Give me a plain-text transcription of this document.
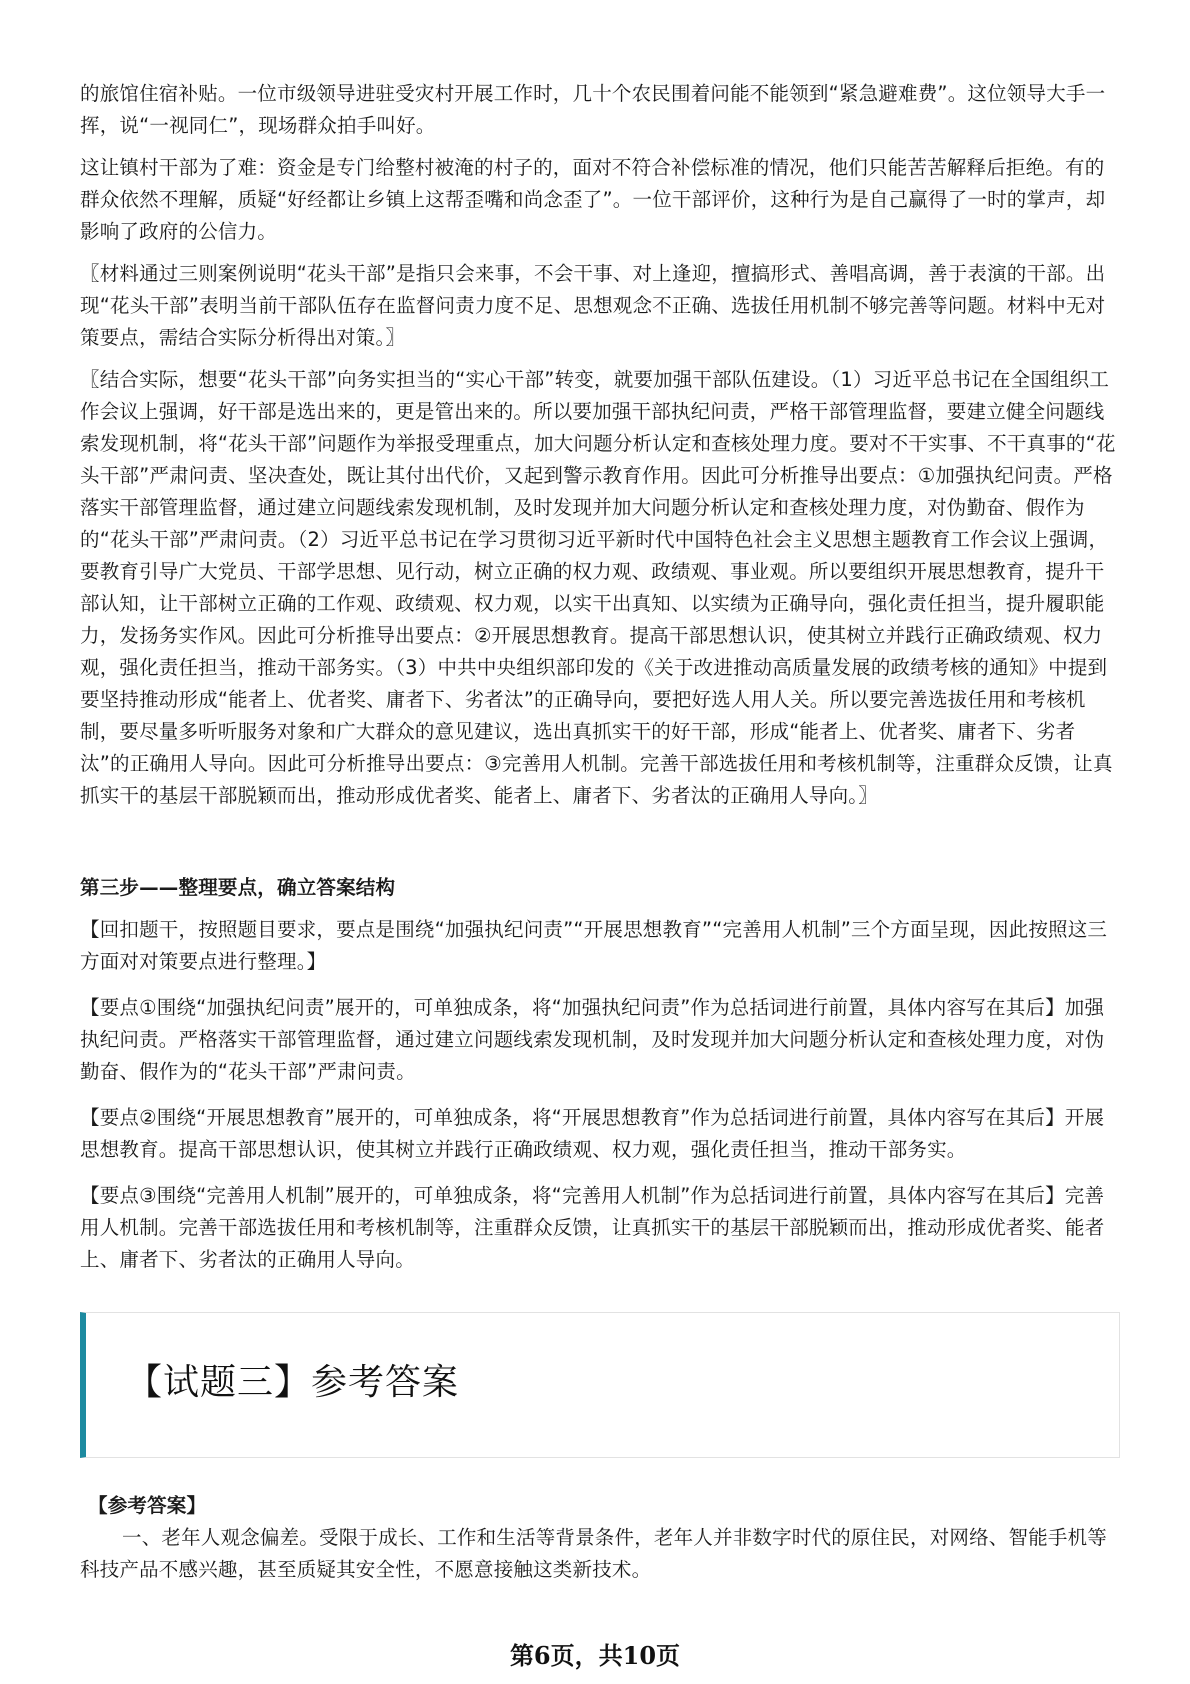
的旅馆住宿补贴。一位市级领导进驻受灾村开展工作时，几十个农民围着问能不能领到“紧急避难费”。这位领导大手一挥，说“一视同仁”，现场群众拍手叫好。

这让镇村干部为了难：资金是专门给整村被淹的村子的，面对不符合补偿标准的情况，他们只能苦苦解释后拒绝。有的群众依然不理解，质疑“好经都让乡镇上这帮歪嘴和尚念歪了”。一位干部评价，这种行为是自己赢得了一时的掌声，却影响了政府的公信力。

〖材料通过三则案例说明“花头干部”是指只会来事，不会干事、对上逢迎，擅搞形式、善唱高调，善于表演的干部。出现“花头干部”表明当前干部队伍存在监督问责力度不足、思想观念不正确、选拔任用机制不够完善等问题。材料中无对策要点，需结合实际分析得出对策。〗

〖结合实际，想要“花头干部”向务实担当的“实心干部”转变，就要加强干部队伍建设。（1）习近平总书记在全国组织工作会议上强调，好干部是选出来的，更是管出来的。所以要加强干部执纪问责，严格干部管理监督，要建立健全问题线索发现机制，将“花头干部”问题作为举报受理重点，加大问题分析认定和查核处理力度。要对不干实事、不干真事的“花头干部”严肃问责、坚决查处，既让其付出代价，又起到警示教育作用。因此可分析推导出要点：①加强执纪问责。严格落实干部管理监督，通过建立问题线索发现机制，及时发现并加大问题分析认定和查核处理力度，对伪勤奋、假作为的“花头干部”严肃问责。（2）习近平总书记在学习贯彻习近平新时代中国特色社会主义思想主题教育工作会议上强调，要教育引导广大党员、干部学思想、见行动，树立正确的权力观、政绩观、事业观。所以要组织开展思想教育，提升干部认知，让干部树立正确的工作观、政绩观、权力观，以实干出真知、以实绩为正确导向，强化责任担当，提升履职能力，发扬务实作风。因此可分析推导出要点：②开展思想教育。提高干部思想认识，使其树立并践行正确政绩观、权力观，强化责任担当，推动干部务实。（3）中共中央组织部印发的《关于改进推动高质量发展的政绩考核的通知》中提到要坚持推动形成“能者上、优者奖、庸者下、劣者汰”的正确导向，要把好选人用人关。所以要完善选拔任用和考核机制，要尽量多听听服务对象和广大群众的意见建议，选出真抓实干的好干部，形成“能者上、优者奖、庸者下、劣者汰”的正确用人导向。因此可分析推导出要点：③完善用人机制。完善干部选拔任用和考核机制等，注重群众反馈，让真抓实干的基层干部脱颖而出，推动形成优者奖、能者上、庸者下、劣者汰的正确用人导向。〗

第三步——整理要点，确立答案结构

【回扣题干，按照题目要求，要点是围绕“加强执纪问责”“开展思想教育”“完善用人机制”三个方面呈现，因此按照这三方面对对策要点进行整理。】

【要点①围绕“加强执纪问责”展开的，可单独成条，将“加强执纪问责”作为总括词进行前置，具体内容写在其后】加强执纪问责。严格落实干部管理监督，通过建立问题线索发现机制，及时发现并加大问题分析认定和查核处理力度，对伪勤奋、假作为的“花头干部”严肃问责。

【要点②围绕“开展思想教育”展开的，可单独成条，将“开展思想教育”作为总括词进行前置，具体内容写在其后】开展思想教育。提高干部思想认识，使其树立并践行正确政绩观、权力观，强化责任担当，推动干部务实。

【要点③围绕“完善用人机制”展开的，可单独成条，将“完善用人机制”作为总括词进行前置，具体内容写在其后】完善用人机制。完善干部选拔任用和考核机制等，注重群众反馈，让真抓实干的基层干部脱颖而出，推动形成优者奖、能者上、庸者下、劣者汰的正确用人导向。

【试题三】参考答案

【参考答案】

一、老年人观念偏差。受限于成长、工作和生活等背景条件，老年人并非数字时代的原住民，对网络、智能手机等科技产品不感兴趣，甚至质疑其安全性，不愿意接触这类新技术。

第6页，共10页
